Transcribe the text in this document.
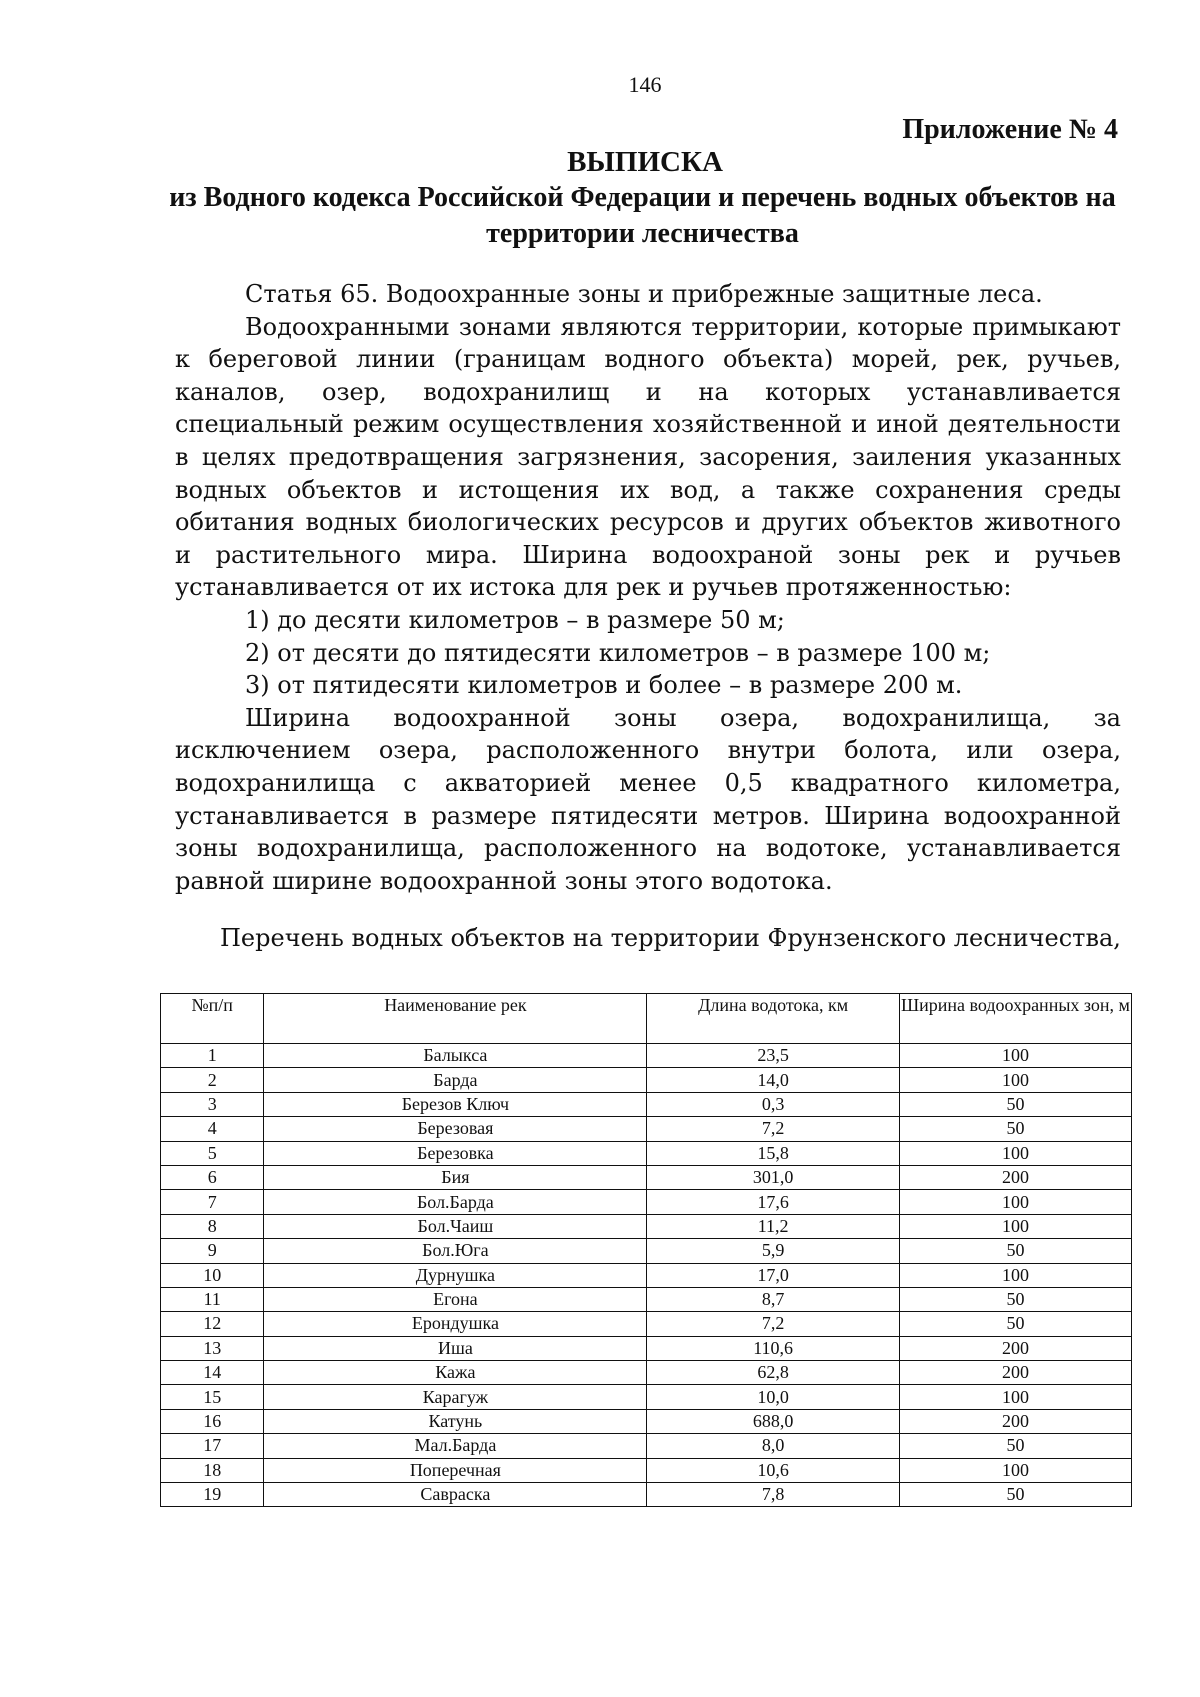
146
Приложение № 4
ВЫПИСКА
из Водного кодекса Российской Федерации и перечень водных объектов на территории лесничества

Статья 65. Водоохранные зоны и прибрежные защитные леса.

Водоохранными зонами являются территории, которые примыкают к береговой линии (границам водного объекта) морей, рек, ручьев, каналов, озер, водохранилищ и на которых устанавливается специальный режим осуществления хозяйственной и иной деятельности в целях предотвращения загрязнения, засорения, заиления указанных водных объектов и истощения их вод, а также сохранения среды обитания водных биологических ресурсов и других объектов животного и растительного мира. Ширина водоохраной зоны рек и ручьев устанавливается от их истока для рек и ручьев протяженностью:

1) до десяти километров – в размере 50 м;

2) от десяти до пятидесяти километров – в размере 100 м;

3) от пятидесяти километров и более – в размере 200 м.

Ширина водоохранной зоны озера, водохранилища, за исключением озера, расположенного внутри болота, или озера, водохранилища с акваторией менее 0,5 квадратного километра, устанавливается в размере пятидесяти метров. Ширина водоохранной зоны водохранилища, расположенного на водотоке, устанавливается равной ширине водоохранной зоны этого водотока.

Перечень водных объектов на территории Фрунзенского лесничества,
№п/п	Наименование рек	Длина водотока, км	Ширина водоохранных зон, м
1	Балыкса	23,5	100
2	Барда	14,0	100
3	Березов Ключ	0,3	50
4	Березовая	7,2	50
5	Березовка	15,8	100
6	Бия	301,0	200
7	Бол.Барда	17,6	100
8	Бол.Чаиш	11,2	100
9	Бол.Юга	5,9	50
10	Дурнушка	17,0	100
11	Егона	8,7	50
12	Ерондушка	7,2	50
13	Иша	110,6	200
14	Кажа	62,8	200
15	Карагуж	10,0	100
16	Катунь	688,0	200
17	Мал.Барда	8,0	50
18	Поперечная	10,6	100
19	Савраска	7,8	50
